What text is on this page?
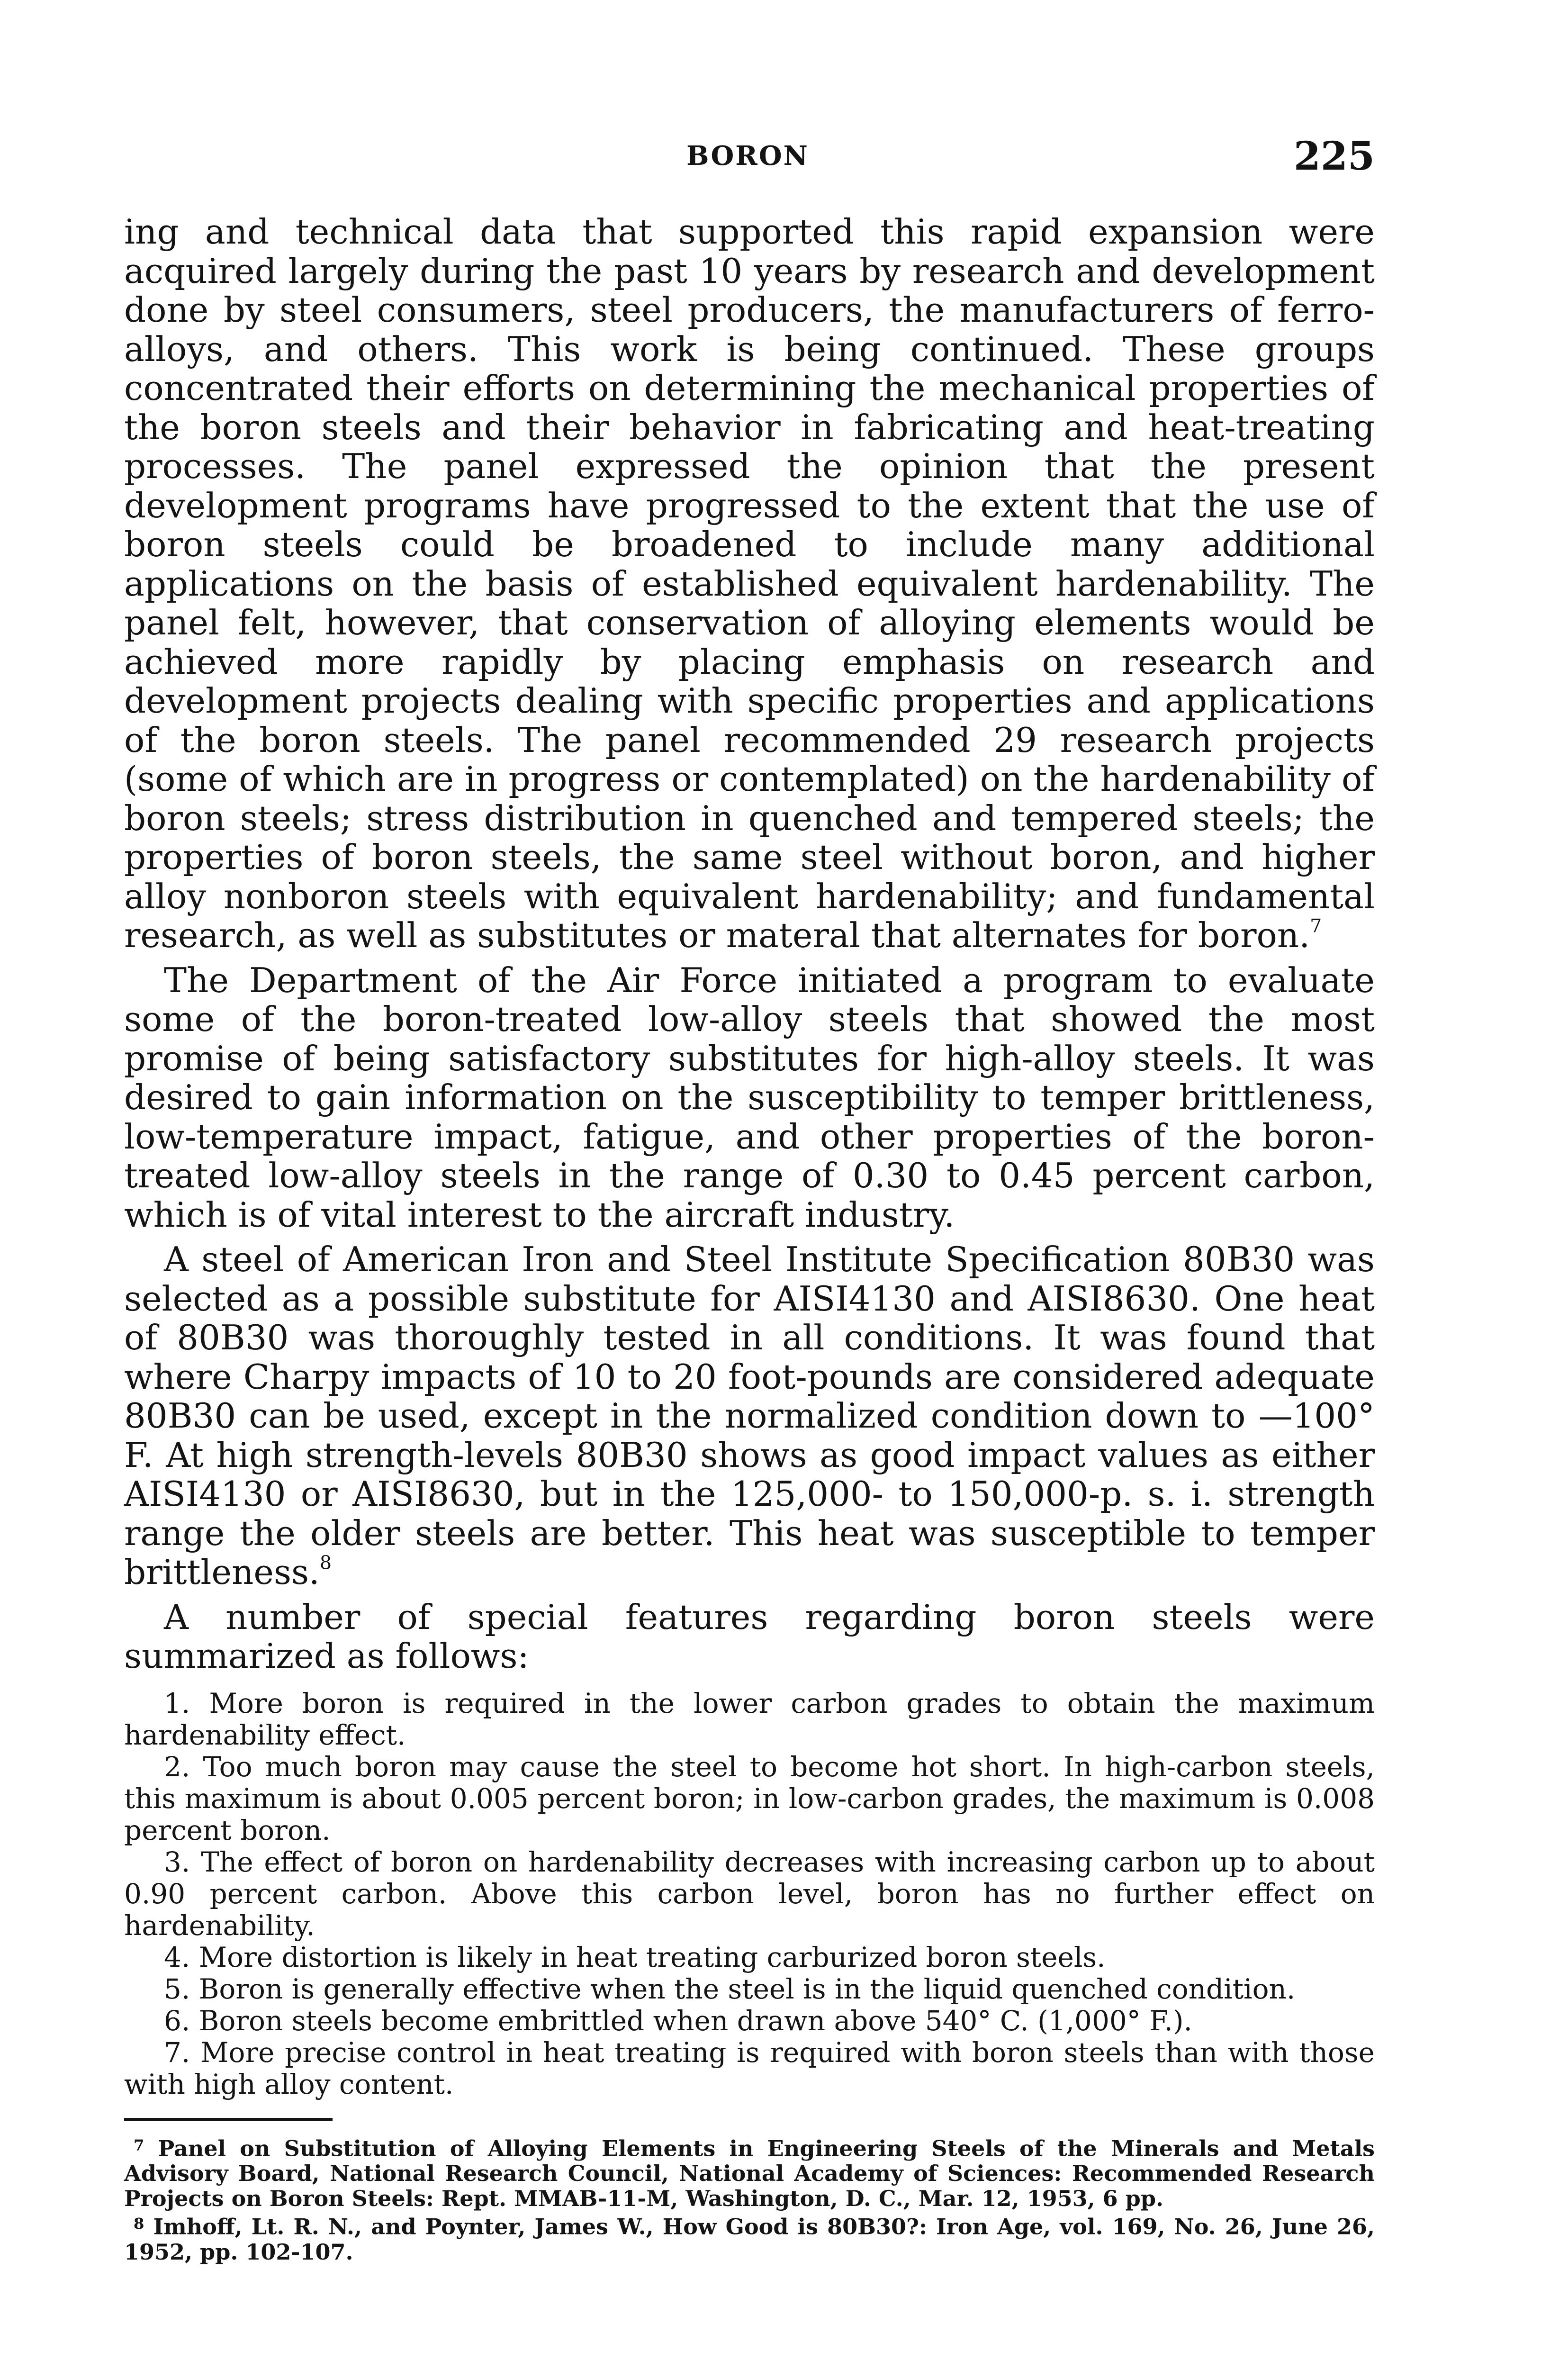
BORON	225

ing and technical data that supported this rapid expansion were acquired largely during the past 10 years by research and development done by steel consumers, steel producers, the manufacturers of ferro-alloys, and others. This work is being continued. These groups concentrated their efforts on determining the mechanical properties of the boron steels and their behavior in fabricating and heat-treating processes. The panel expressed the opinion that the present development programs have progressed to the extent that the use of boron steels could be broadened to include many additional applications on the basis of established equivalent hardenability. The panel felt, however, that conservation of alloying elements would be achieved more rapidly by placing emphasis on research and development projects dealing with specific properties and applications of the boron steels. The panel recommended 29 research projects (some of which are in progress or contemplated) on the hardenability of boron steels; stress distribution in quenched and tempered steels; the properties of boron steels, the same steel without boron, and higher alloy nonboron steels with equivalent hardenability; and fundamental research, as well as substitutes or materal that alternates for boron.$^7$

The Department of the Air Force initiated a program to evaluate some of the boron-treated low-alloy steels that showed the most promise of being satisfactory substitutes for high-alloy steels. It was desired to gain information on the susceptibility to temper brittleness, low-temperature impact, fatigue, and other properties of the boron-treated low-alloy steels in the range of 0.30 to 0.45 percent carbon, which is of vital interest to the aircraft industry.

A steel of American Iron and Steel Institute Specification 80B30 was selected as a possible substitute for AISI4130 and AISI8630. One heat of 80B30 was thoroughly tested in all conditions. It was found that where Charpy impacts of 10 to 20 foot-pounds are considered adequate 80B30 can be used, except in the normalized condition down to —100° F. At high strength-levels 80B30 shows as good impact values as either AISI4130 or AISI8630, but in the 125,000- to 150,000-p. s. i. strength range the older steels are better. This heat was susceptible to temper brittleness.$^8$

A number of special features regarding boron steels were summarized as follows:

1. More boron is required in the lower carbon grades to obtain the maximum hardenability effect.

2. Too much boron may cause the steel to become hot short. In high-carbon steels, this maximum is about 0.005 percent boron; in low-carbon grades, the maximum is 0.008 percent boron.

3. The effect of boron on hardenability decreases with increasing carbon up to about 0.90 percent carbon. Above this carbon level, boron has no further effect on hardenability.

4. More distortion is likely in heat treating carburized boron steels.

5. Boron is generally effective when the steel is in the liquid quenched condition.

6. Boron steels become embrittled when drawn above 540° C. (1,000° F.).

7. More precise control in heat treating is required with boron steels than with those with high alloy content.

$^7$ Panel on Substitution of Alloying Elements in Engineering Steels of the Minerals and Metals Advisory Board, National Research Council, National Academy of Sciences: Recommended Research Projects on Boron Steels: Rept. MMAB-11-M, Washington, D. C., Mar. 12, 1953, 6 pp.

$^8$ Imhoff, Lt. R. N., and Poynter, James W., How Good is 80B30?: Iron Age, vol. 169, No. 26, June 26, 1952, pp. 102-107.
